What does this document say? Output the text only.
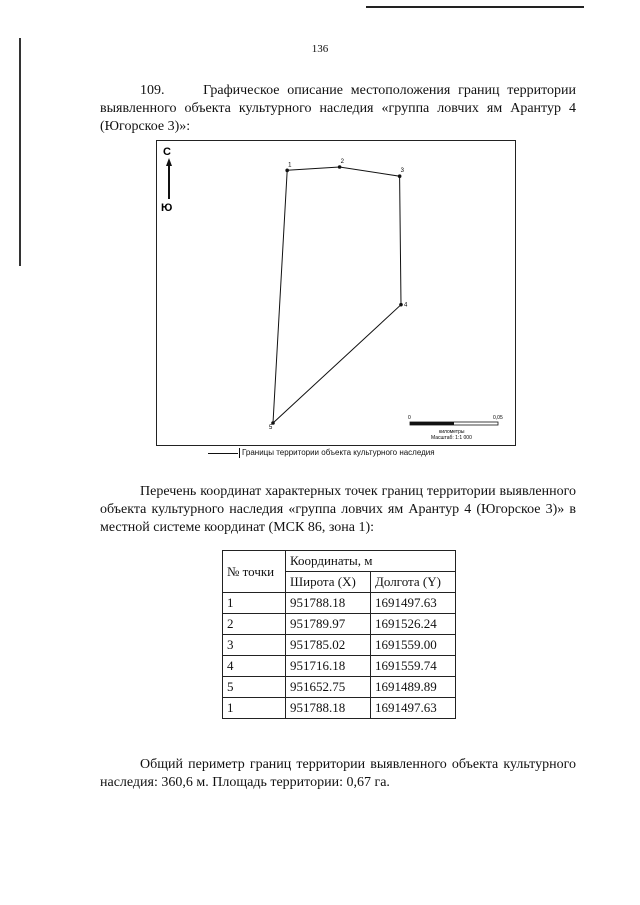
136

109.	Графическое описание местоположения границ территории выявленного объекта культурного наследия «группа ловчих ям Арантур 4 (Югорское 3)»:

С
Ю
1
2
3
4
5
0	0,05
километры
Масштаб: 1:1 000
Границы территории объекта культурного наследия

Перечень координат характерных точек границ территории выявленного объекта культурного наследия «группа ловчих ям Арантур 4 (Югорское 3)» в местной системе координат (МСК 86, зона 1):

№ точки	Координаты, м	
	Широта (X)	Долгота (Y)
1	951788.18	1691497.63
2	951789.97	1691526.24
3	951785.02	1691559.00
4	951716.18	1691559.74
5	951652.75	1691489.89
1	951788.18	1691497.63

Общий периметр границ территории выявленного объекта культурного наследия: 360,6 м. Площадь территории: 0,67 га.
